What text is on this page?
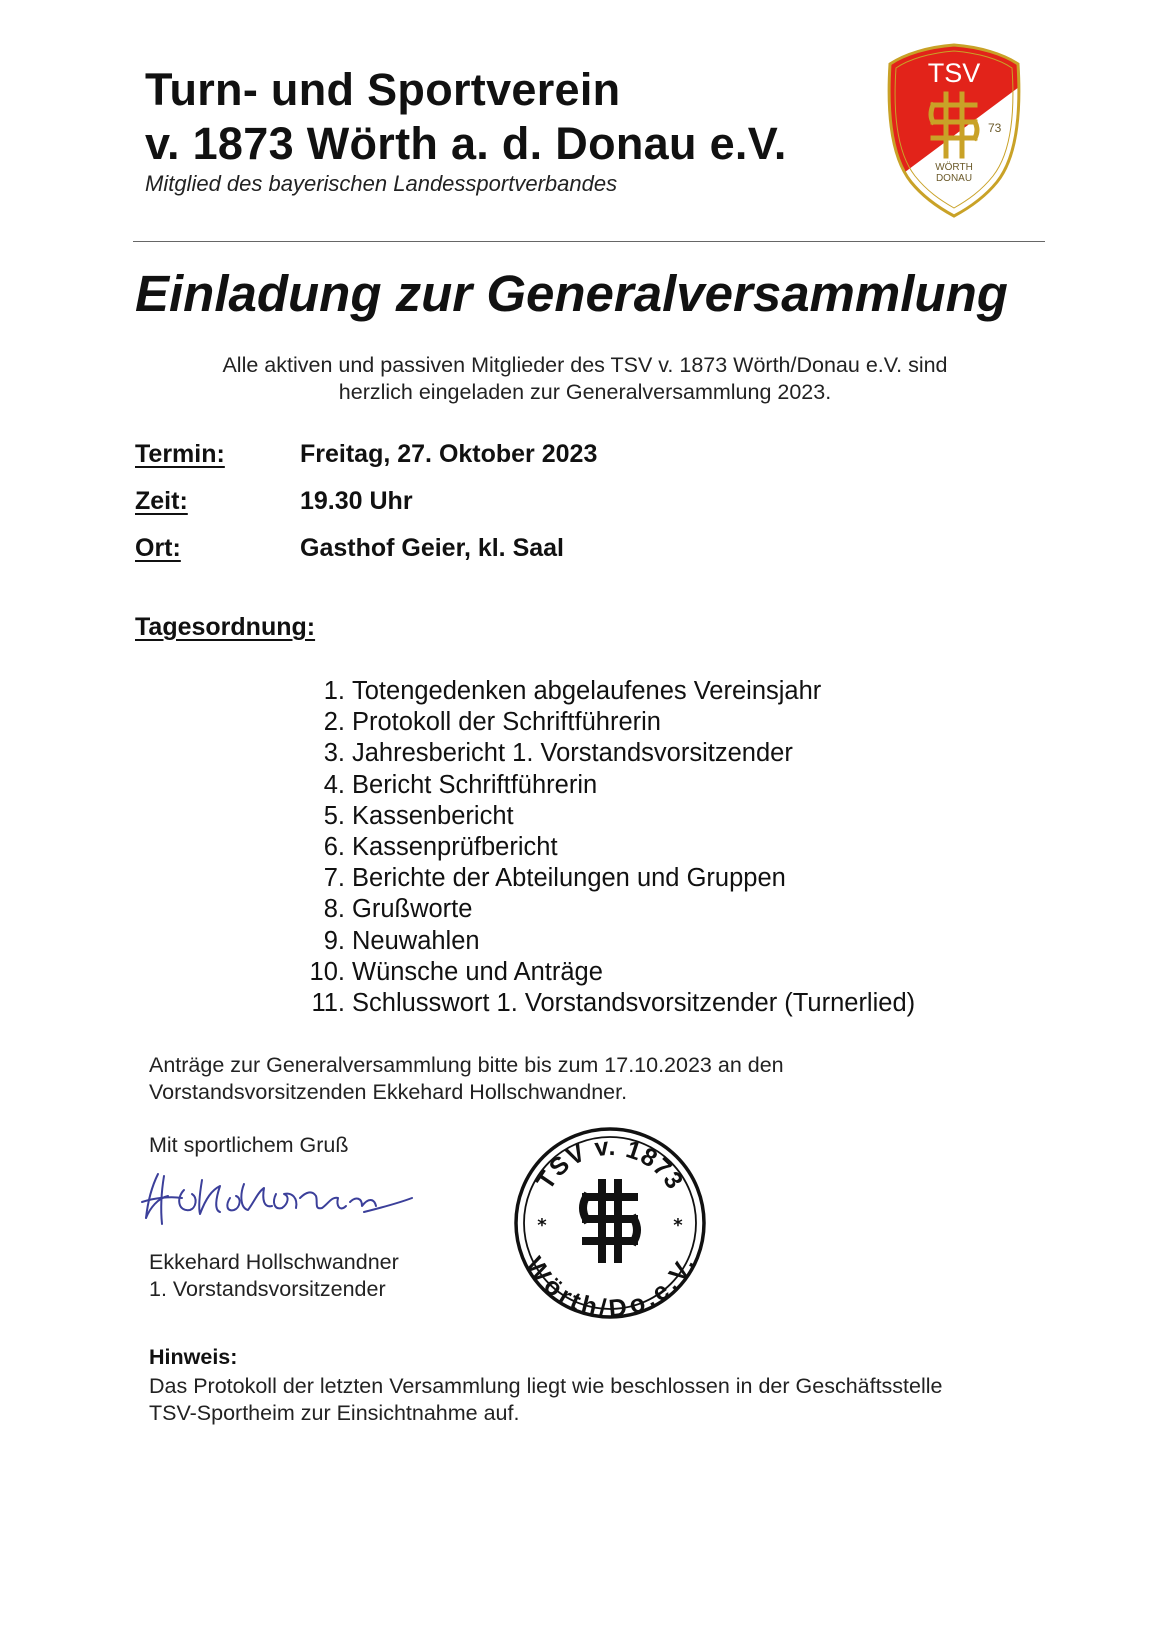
Turn- und Sportverein
v. 1873 Wörth a. d. Donau e.V.
Mitglied des bayerischen Landessportverbandes
TSV
73
WÖRTH
DONAU
Einladung zur Generalversammlung
Alle aktiven und passiven Mitglieder des TSV v. 1873 Wörth/Donau e.V. sind
herzlich eingeladen zur Generalversammlung 2023.
Termin:	Freitag, 27. Oktober 2023
Zeit:	19.30 Uhr
Ort:	Gasthof Geier, kl. Saal
Tagesordnung:
1. Totengedenken abgelaufenes Vereinsjahr
2. Protokoll der Schriftführerin
3. Jahresbericht 1. Vorstandsvorsitzender
4. Bericht Schriftführerin
5. Kassenbericht
6. Kassenprüfbericht
7. Berichte der Abteilungen und Gruppen
8. Grußworte
9. Neuwahlen
10. Wünsche und Anträge
11. Schlusswort 1. Vorstandsvorsitzender (Turnerlied)
Anträge zur Generalversammlung bitte bis zum 17.10.2023 an den
Vorstandsvorsitzenden Ekkehard Hollschwandner.
Mit sportlichem Gruß
Ekkehard Hollschwandner
1. Vorstandsvorsitzender
TSV v. 1873
Wörth/Do.e.V.
*	*
Hinweis:
Das Protokoll der letzten Versammlung liegt wie beschlossen in der Geschäftsstelle
TSV-Sportheim zur Einsichtnahme auf.
